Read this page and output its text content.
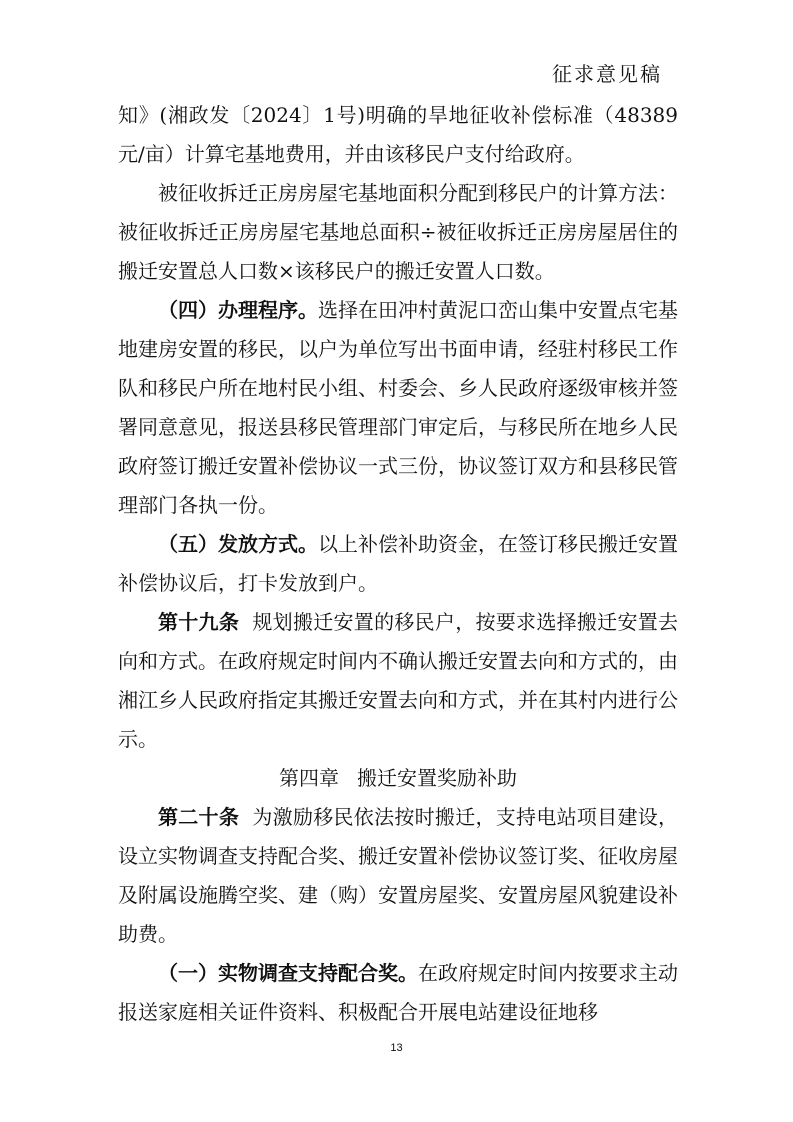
征求意见稿

知》(湘政发〔2024〕1号)明确的旱地征收补偿标准（48389元/亩）计算宅基地费用，并由该移民户支付给政府。

被征收拆迁正房房屋宅基地面积分配到移民户的计算方法：被征收拆迁正房房屋宅基地总面积÷被征收拆迁正房房屋居住的搬迁安置总人口数×该移民户的搬迁安置人口数。

（四）办理程序。选择在田冲村黄泥口峦山集中安置点宅基地建房安置的移民，以户为单位写出书面申请，经驻村移民工作队和移民户所在地村民小组、村委会、乡人民政府逐级审核并签署同意意见，报送县移民管理部门审定后，与移民所在地乡人民政府签订搬迁安置补偿协议一式三份，协议签订双方和县移民管理部门各执一份。

（五）发放方式。以上补偿补助资金，在签订移民搬迁安置补偿协议后，打卡发放到户。

第十九条  规划搬迁安置的移民户，按要求选择搬迁安置去向和方式。在政府规定时间内不确认搬迁安置去向和方式的，由湘江乡人民政府指定其搬迁安置去向和方式，并在其村内进行公示。

第四章 搬迁安置奖励补助

第二十条  为激励移民依法按时搬迁，支持电站项目建设，设立实物调查支持配合奖、搬迁安置补偿协议签订奖、征收房屋及附属设施腾空奖、建（购）安置房屋奖、安置房屋风貌建设补助费。

（一）实物调查支持配合奖。在政府规定时间内按要求主动报送家庭相关证件资料、积极配合开展电站建设征地移

13
